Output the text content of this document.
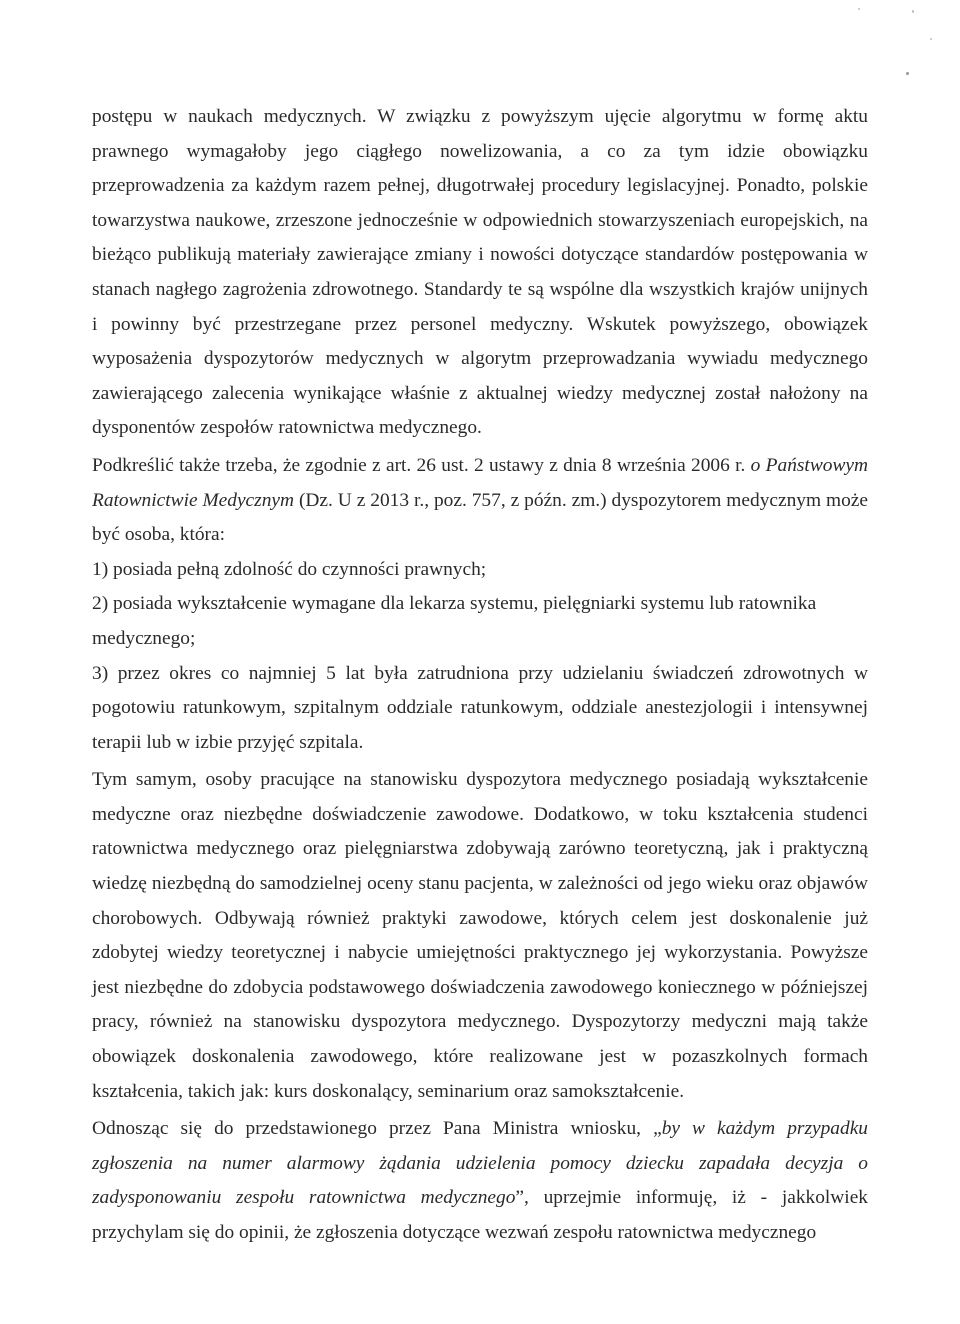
postępu w naukach medycznych. W związku z powyższym ujęcie algorytmu w formę aktu prawnego wymagałoby jego ciągłego nowelizowania, a co za tym idzie obowiązku przeprowadzenia za każdym razem pełnej, długotrwałej procedury legislacyjnej. Ponadto, polskie towarzystwa naukowe, zrzeszone jednocześnie w odpowiednich stowarzyszeniach europejskich, na bieżąco publikują materiały zawierające zmiany i nowości dotyczące standardów postępowania w stanach nagłego zagrożenia zdrowotnego. Standardy te są wspólne dla wszystkich krajów unijnych i powinny być przestrzegane przez personel medyczny. Wskutek powyższego, obowiązek wyposażenia dyspozytorów medycznych w algorytm przeprowadzania wywiadu medycznego zawierającego zalecenia wynikające właśnie z aktualnej wiedzy medycznej został nałożony na dysponentów zespołów ratownictwa medycznego.

Podkreślić także trzeba, że zgodnie z art. 26 ust. 2 ustawy z dnia 8 września 2006 r. o Państwowym Ratownictwie Medycznym (Dz. U z 2013 r., poz. 757, z późn. zm.) dyspozytorem medycznym może być osoba, która:

1) posiada pełną zdolność do czynności prawnych;

2) posiada wykształcenie wymagane dla lekarza systemu, pielęgniarki systemu lub ratownika medycznego;

3) przez okres co najmniej 5 lat była zatrudniona przy udzielaniu świadczeń zdrowotnych w pogotowiu ratunkowym, szpitalnym oddziale ratunkowym, oddziale anestezjologii i intensywnej terapii lub w izbie przyjęć szpitala.

Tym samym, osoby pracujące na stanowisku dyspozytora medycznego posiadają wykształcenie medyczne oraz niezbędne doświadczenie zawodowe. Dodatkowo, w toku kształcenia studenci ratownictwa medycznego oraz pielęgniarstwa zdobywają zarówno teoretyczną, jak i praktyczną wiedzę niezbędną do samodzielnej oceny stanu pacjenta, w zależności od jego wieku oraz objawów chorobowych. Odbywają również praktyki zawodowe, których celem jest doskonalenie już zdobytej wiedzy teoretycznej i nabycie umiejętności praktycznego jej wykorzystania. Powyższe jest niezbędne do zdobycia podstawowego doświadczenia zawodowego koniecznego w późniejszej pracy, również na stanowisku dyspozytora medycznego. Dyspozytorzy medyczni mają także obowiązek doskonalenia zawodowego, które realizowane jest w pozaszkolnych formach kształcenia, takich jak: kurs doskonalący, seminarium oraz samokształcenie.

Odnosząc się do przedstawionego przez Pana Ministra wniosku, „by w każdym przypadku zgłoszenia na numer alarmowy żądania udzielenia pomocy dziecku zapadała decyzja o zadysponowaniu zespołu ratownictwa medycznego”, uprzejmie informuję, iż - jakkolwiek przychylam się do opinii, że zgłoszenia dotyczące wezwań zespołu ratownictwa medycznego
